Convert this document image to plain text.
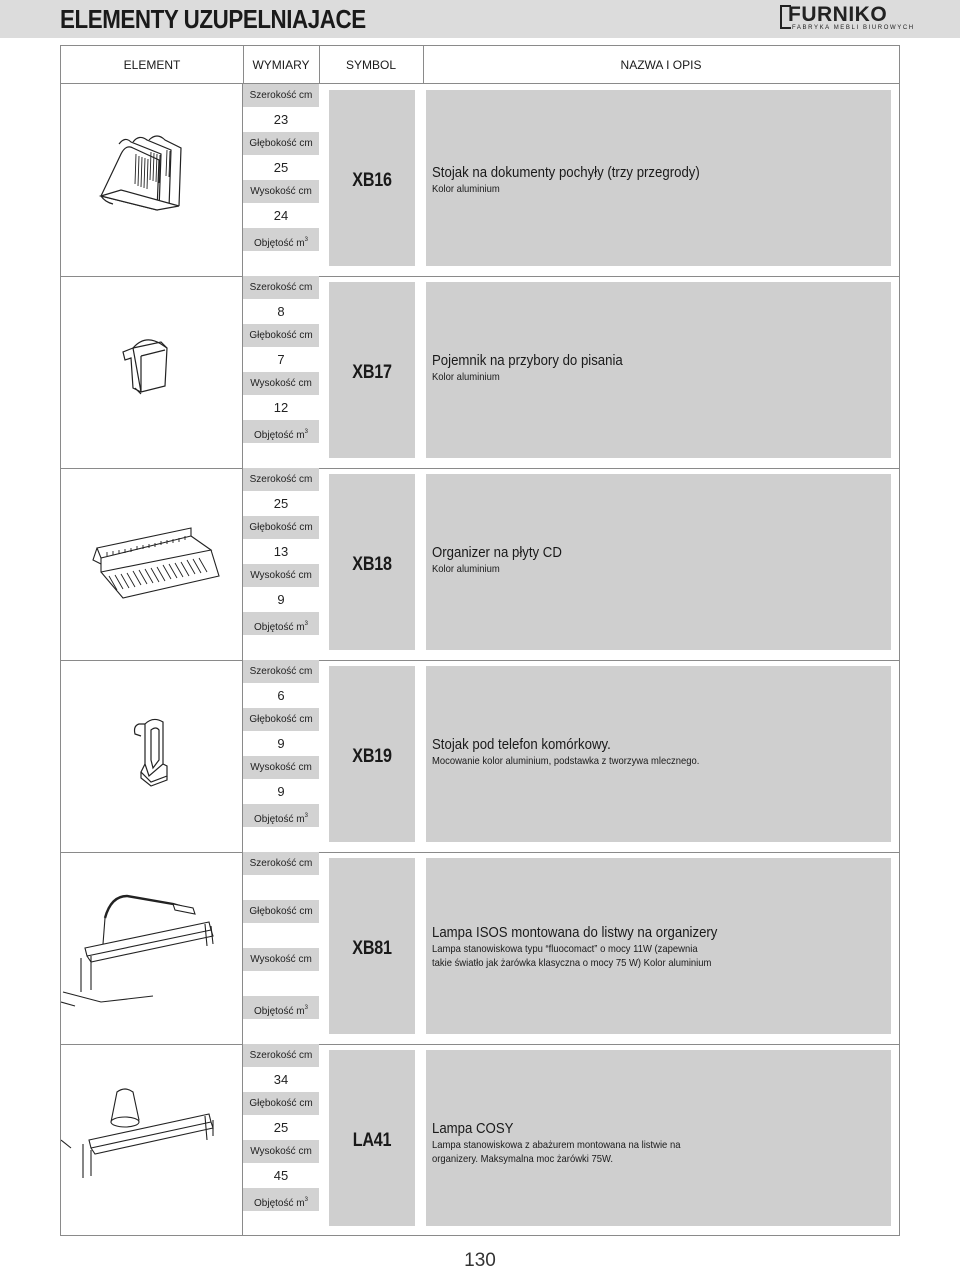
ELEMENTY UZUPELNIAJACE	FURNIKO
FABRYKA MEBLI BIUROWYCH
ELEMENT	WYMIARY	SYMBOL	NAZWA I OPIS
Szerokość cm
23
Głębokość cm
25
Wysokość cm
24
Objętość $m^3$
XB16	Stojak na dokumenty pochyły (trzy przegrody)
Kolor aluminium
Szerokość cm
8
Głębokość cm
7
Wysokość cm
12
Objętość $m^3$
XB17
Pojemnik na przybory do pisania
Kolor aluminium
Szerokość cm
25
Głębokość cm
13
Wysokość cm
9
Objętość $m^3$
XB18
Organizer na płyty CD
Kolor aluminium
Szerokość cm
6
Głębokość cm
9
Wysokość cm
9
Objętość $m^3$
XB19
Stojak pod telefon komórkowy.
Mocowanie kolor aluminium, podstawka z tworzywa mlecznego.
Szerokość cm
Głębokość cm
Wysokość cm
Objętość $m^3$
XB81
Lampa ISOS montowana do listwy na organizery
Lampa stanowiskowa typu “fluocomact” o mocy 11W (zapewnia takie światło jak żarówka klasyczna o mocy 75 W) Kolor aluminium
Szerokość cm
34
Głębokość cm
25
Wysokość cm
45
Objętość $m^3$
LA41
Lampa COSY
Lampa stanowiskowa z abażurem montowana na listwie na organizery. Maksymalna moc żarówki 75W.
130
